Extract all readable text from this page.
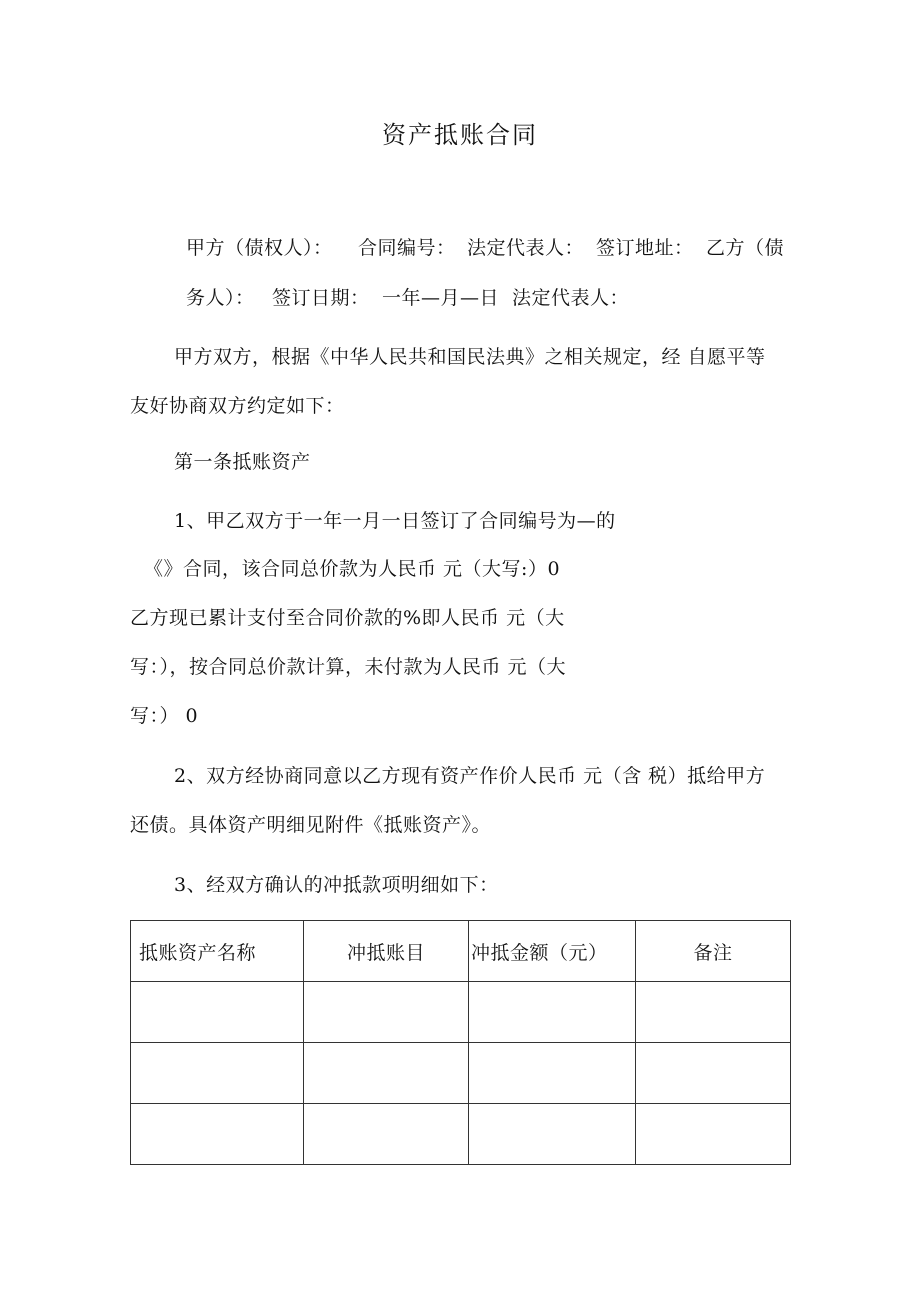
资产抵账合同
甲方（债权人）： 合同编号： 法定代表人： 签订地址： 乙方（债
务人）： 签订日期： 一年—月—日 法定代表人：
甲方双方，根据《中华人民共和国民法典》之相关规定，经 自愿平等
友好协商双方约定如下：
第一条抵账资产
1、甲乙双方于一年一月一日签订了合同编号为—的
《》合同，该合同总价款为人民币 元（大写:）0
乙方现已累计支付至合同价款的%即人民币 元（大
写：），按合同总价款计算，未付款为人民币 元（大
写：） 0
2、双方经协商同意以乙方现有资产作价人民币 元（含 税）抵给甲方
还债。具体资产明细见附件《抵账资产》。
3、经双方确认的冲抵款项明细如下：
抵账资产名称	冲抵账目	冲抵金额（元）	备注
